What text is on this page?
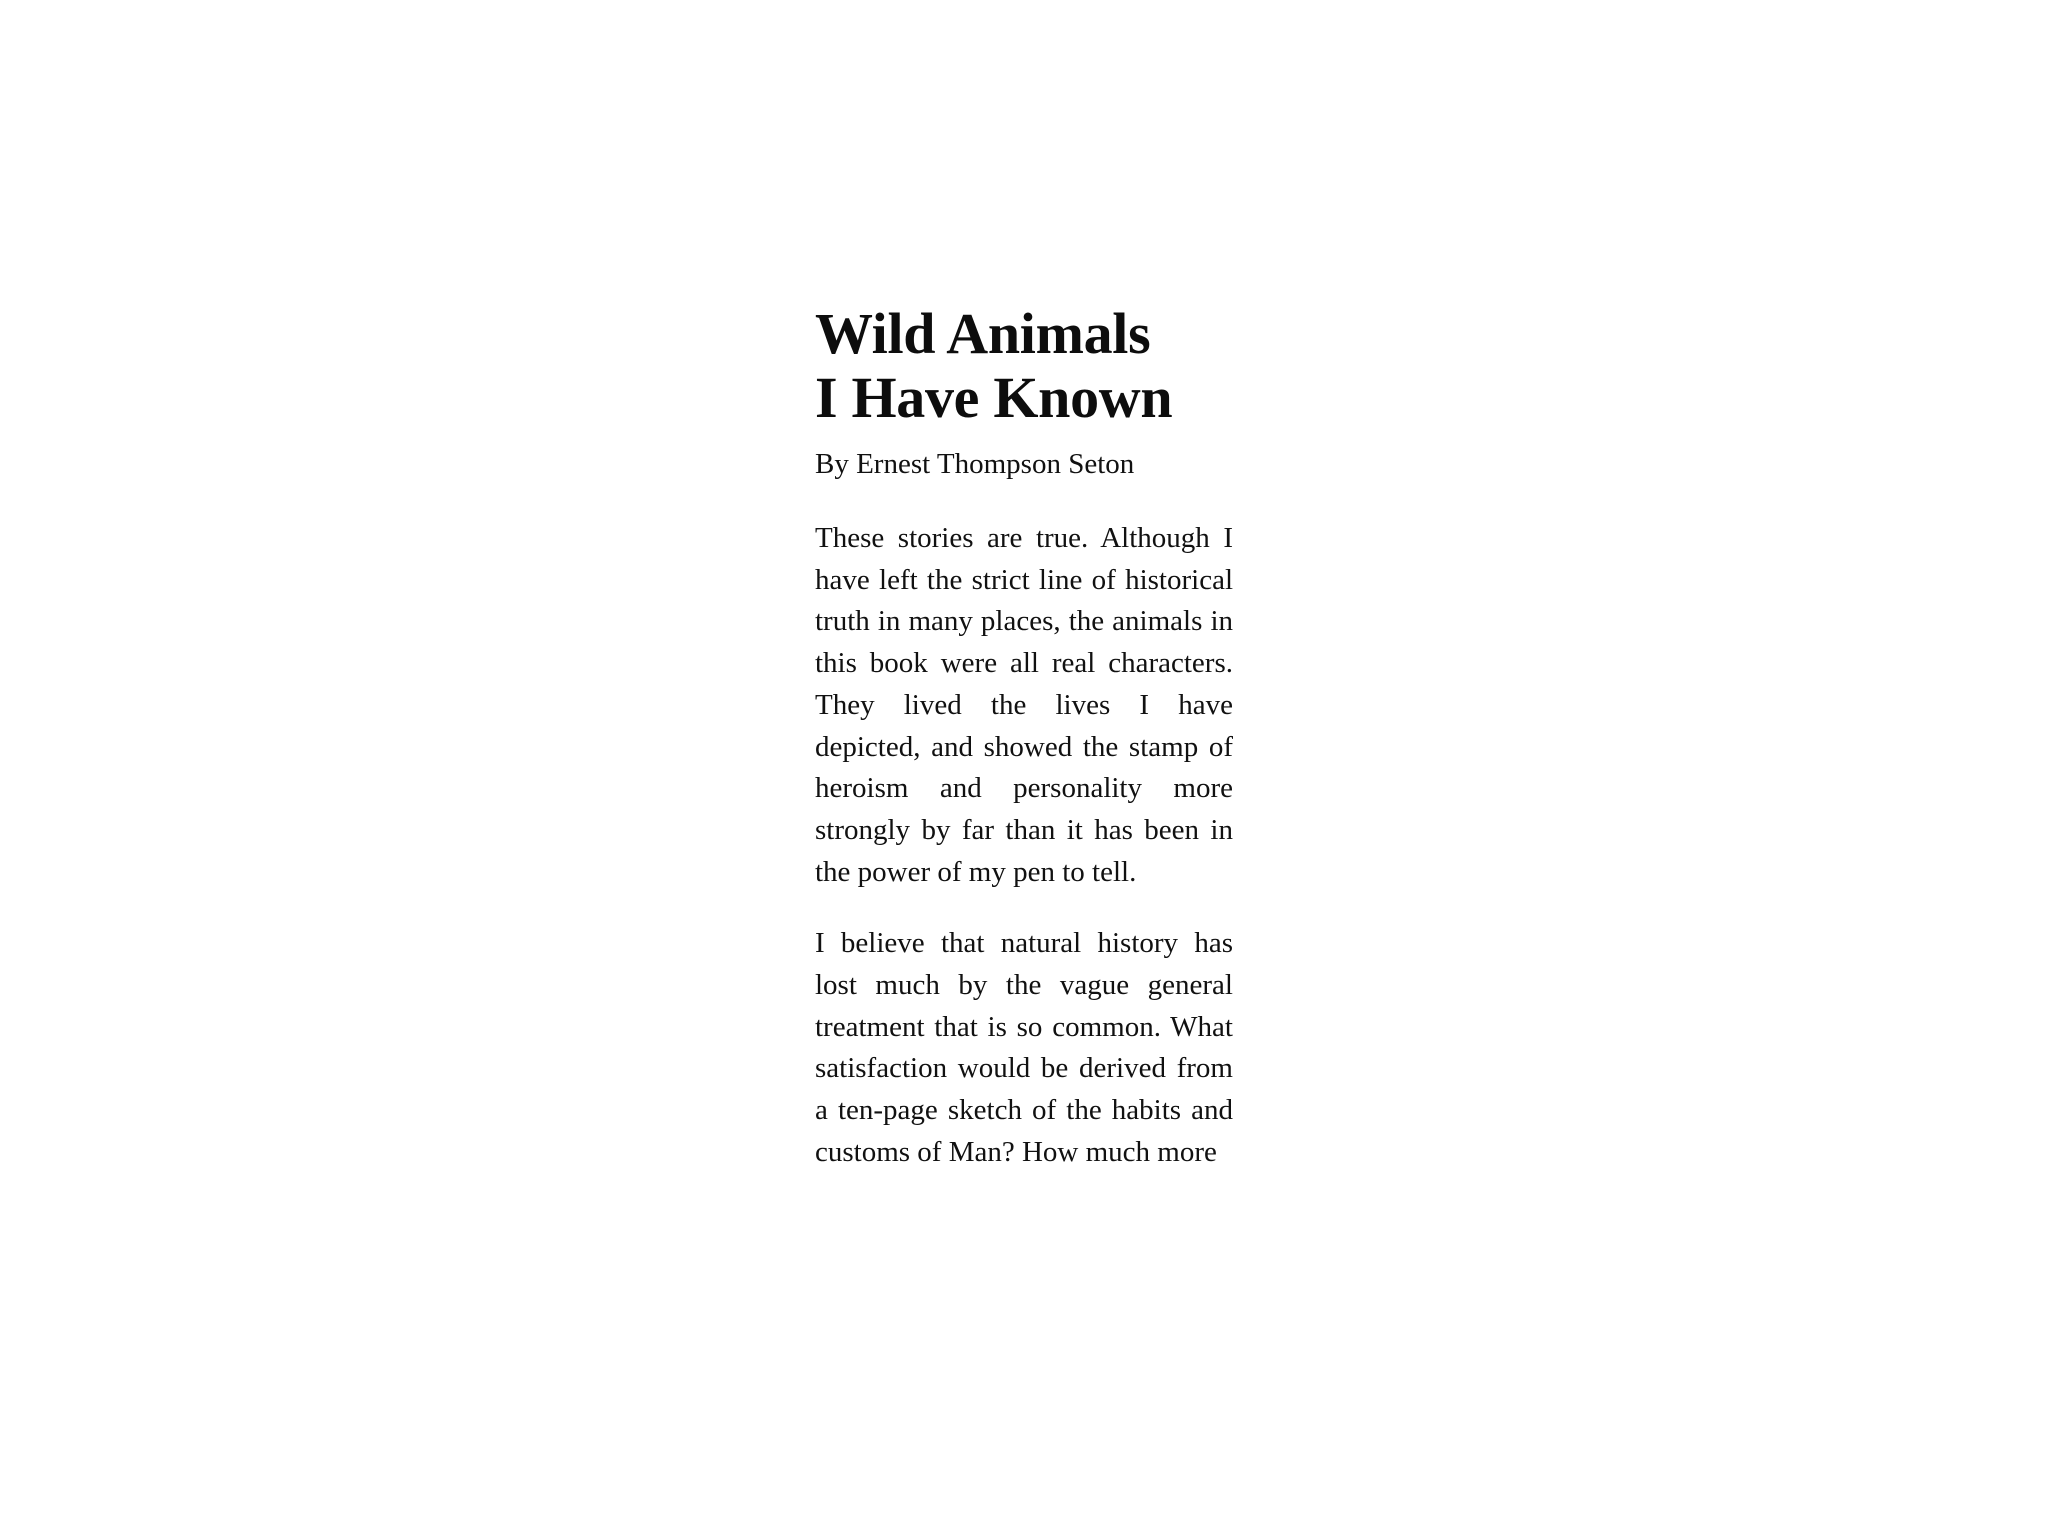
Wild Animals
I Have Known

By Ernest Thompson Seton

These stories are true. Although I have left the strict line of historical truth in many places, the animals in this book were all real characters. They lived the lives I have depicted, and showed the stamp of heroism and personality more strongly by far than it has been in the power of my pen to tell.

I believe that natural history has lost much by the vague general treatment that is so common. What satisfaction would be derived from a ten-page sketch of the habits and customs of Man? How much more
